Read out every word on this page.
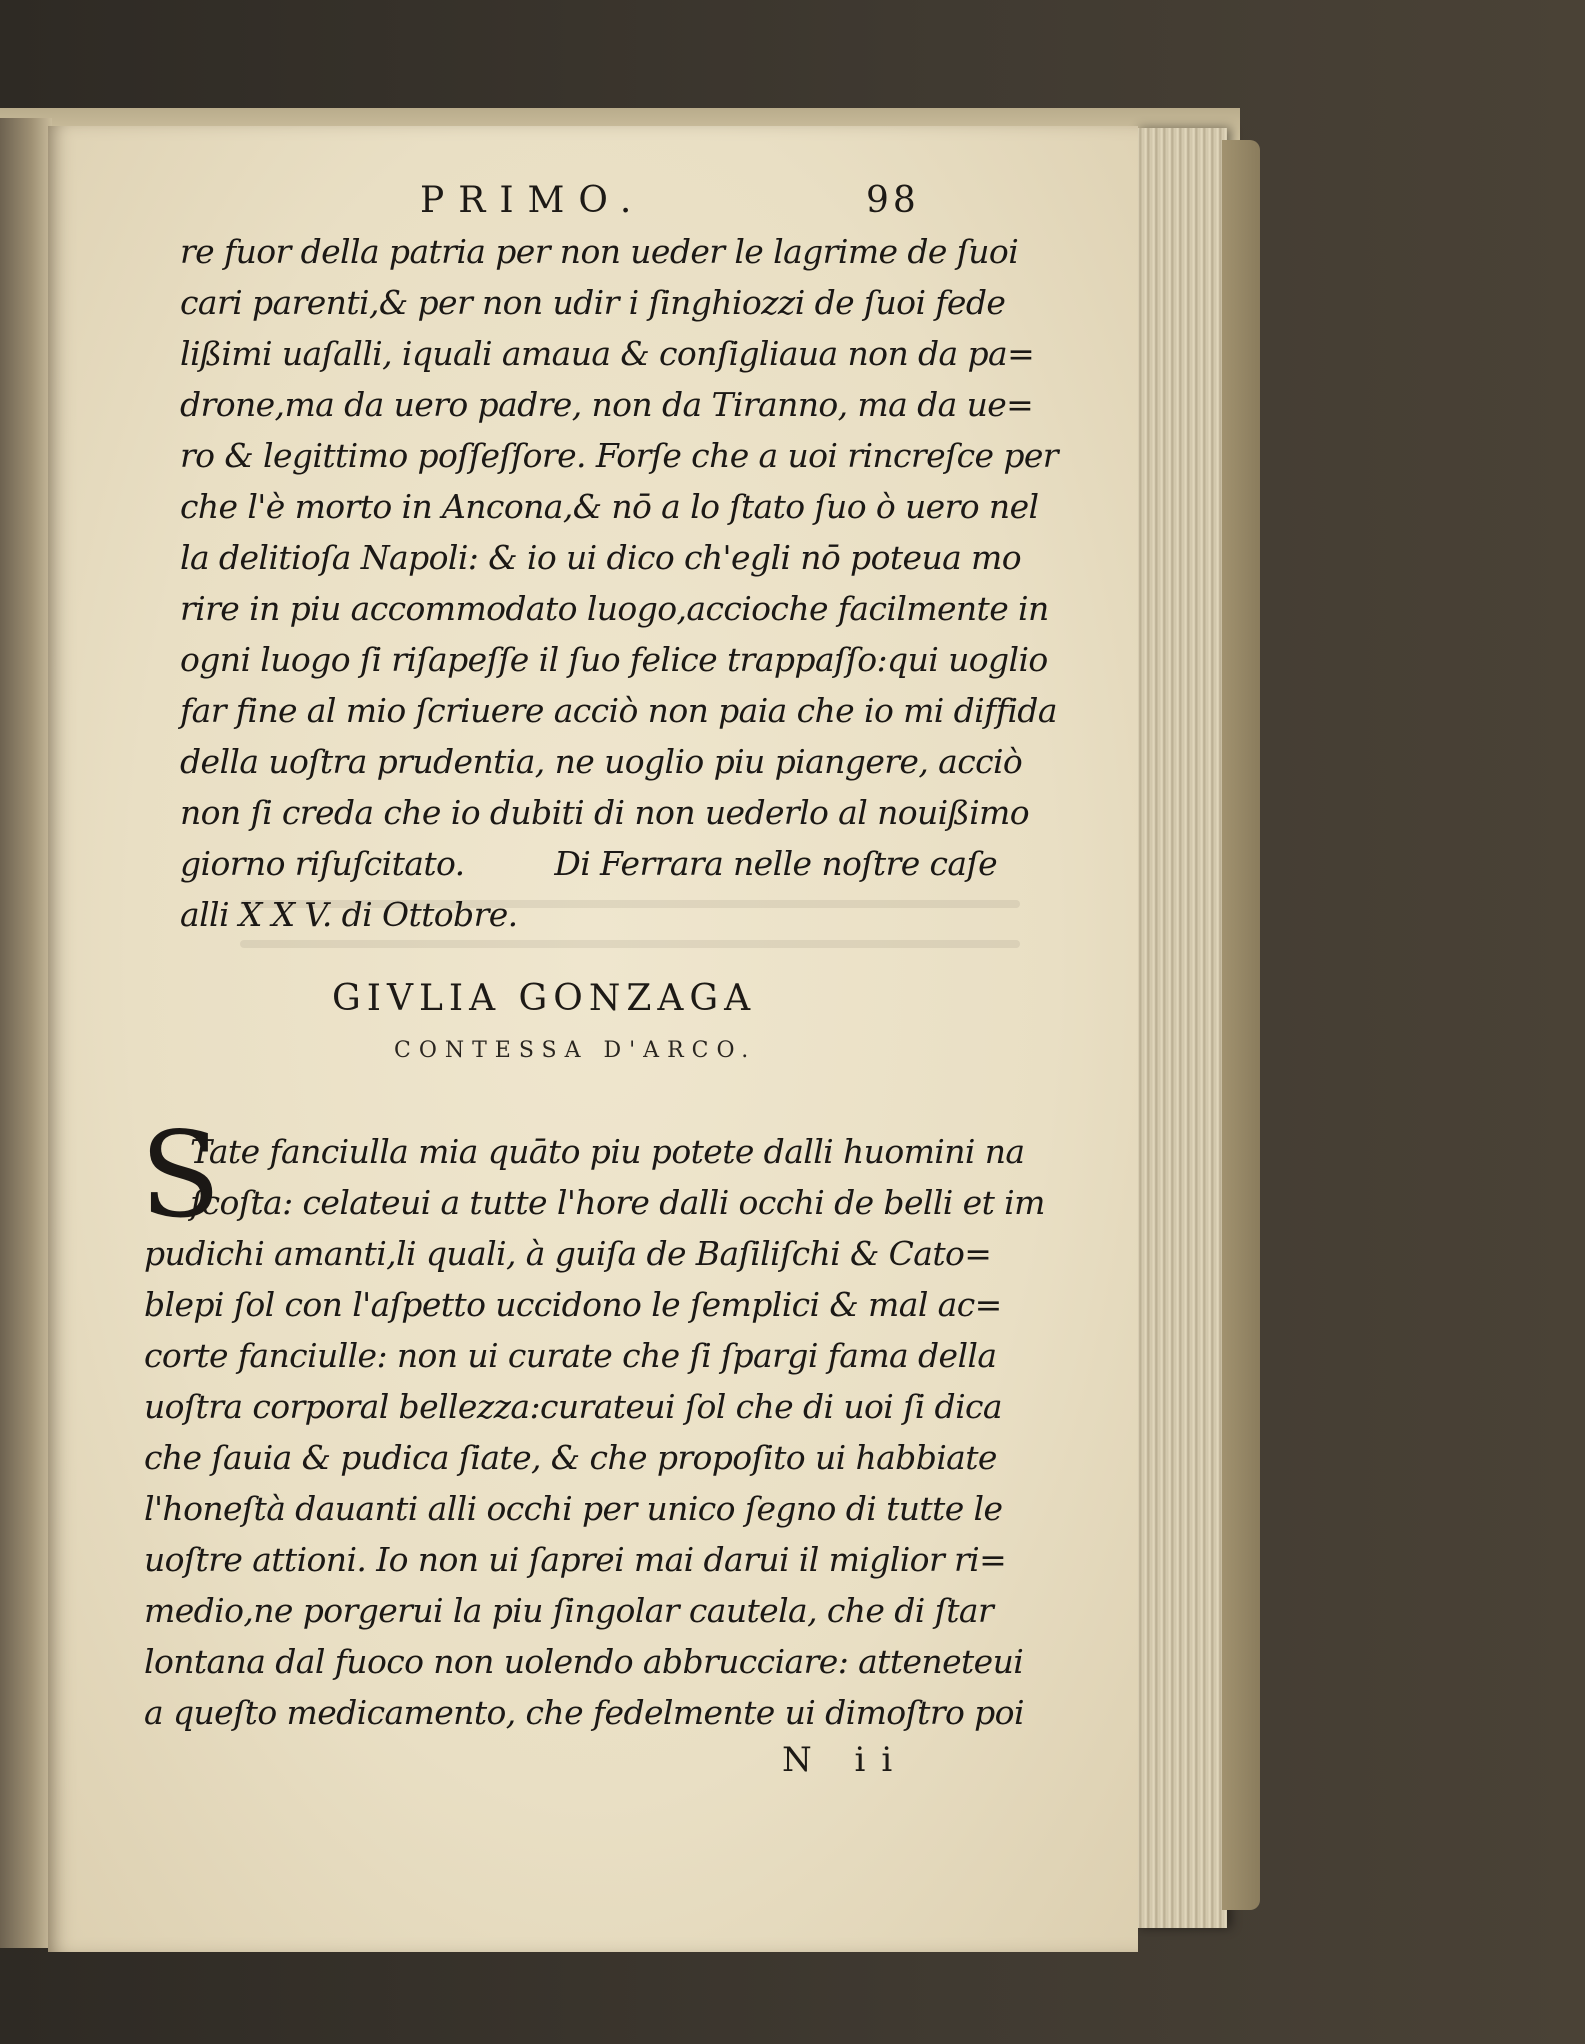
PRIMO.	98
re fuor della patria per non ueder le lagrime de ſuoi
cari parenti,& per non udir i ſinghiozzi de ſuoi fede
lißimi uaſalli, iquali amaua & conſigliaua non da pa=
drone,ma da uero padre, non da Tiranno, ma da ue=
ro & legittimo poſſeſſore. Forſe che a uoi rincreſce per
che l'è morto in Ancona,& nō a lo ſtato ſuo ò uero nel
la delitioſa Napoli: & io ui dico ch'egli nō poteua mo
rire in piu accommodato luogo,accioche facilmente in
ogni luogo ſi riſapeſſe il ſuo felice trappaſſo:qui uoglio
far fine al mio ſcriuere acciò non paia che io mi diffida
della uoſtra prudentia, ne uoglio piu piangere, acciò
non ſi creda che io dubiti di non uederlo al nouißimo
giorno riſuſcitato.	Di Ferrara nelle noſtre caſe
alli X X V. di Ottobre.
GIVLIA GONZAGA
CONTESSA D'ARCO.
S
Tate fanciulla mia quāto piu potete dalli huomini na
ſcoſta: celateui a tutte l'hore dalli occhi de belli et im
pudichi amanti,li quali, à guiſa de Baſiliſchi & Cato=
blepi ſol con l'aſpetto uccidono le ſemplici & mal ac=
corte fanciulle: non ui curate che ſi ſpargi fama della
uoſtra corporal bellezza:curateui ſol che di uoi ſi dica
che ſauia & pudica ſiate, & che propoſito ui habbiate
l'honeſtà dauanti alli occhi per unico ſegno di tutte le
uoſtre attioni. Io non ui ſaprei mai darui il miglior ri=
medio,ne porgerui la piu ſingolar cautela, che di ſtar
lontana dal fuoco non uolendo abbrucciare: atteneteui
a queſto medicamento, che fedelmente ui dimoſtro poi
N ii
